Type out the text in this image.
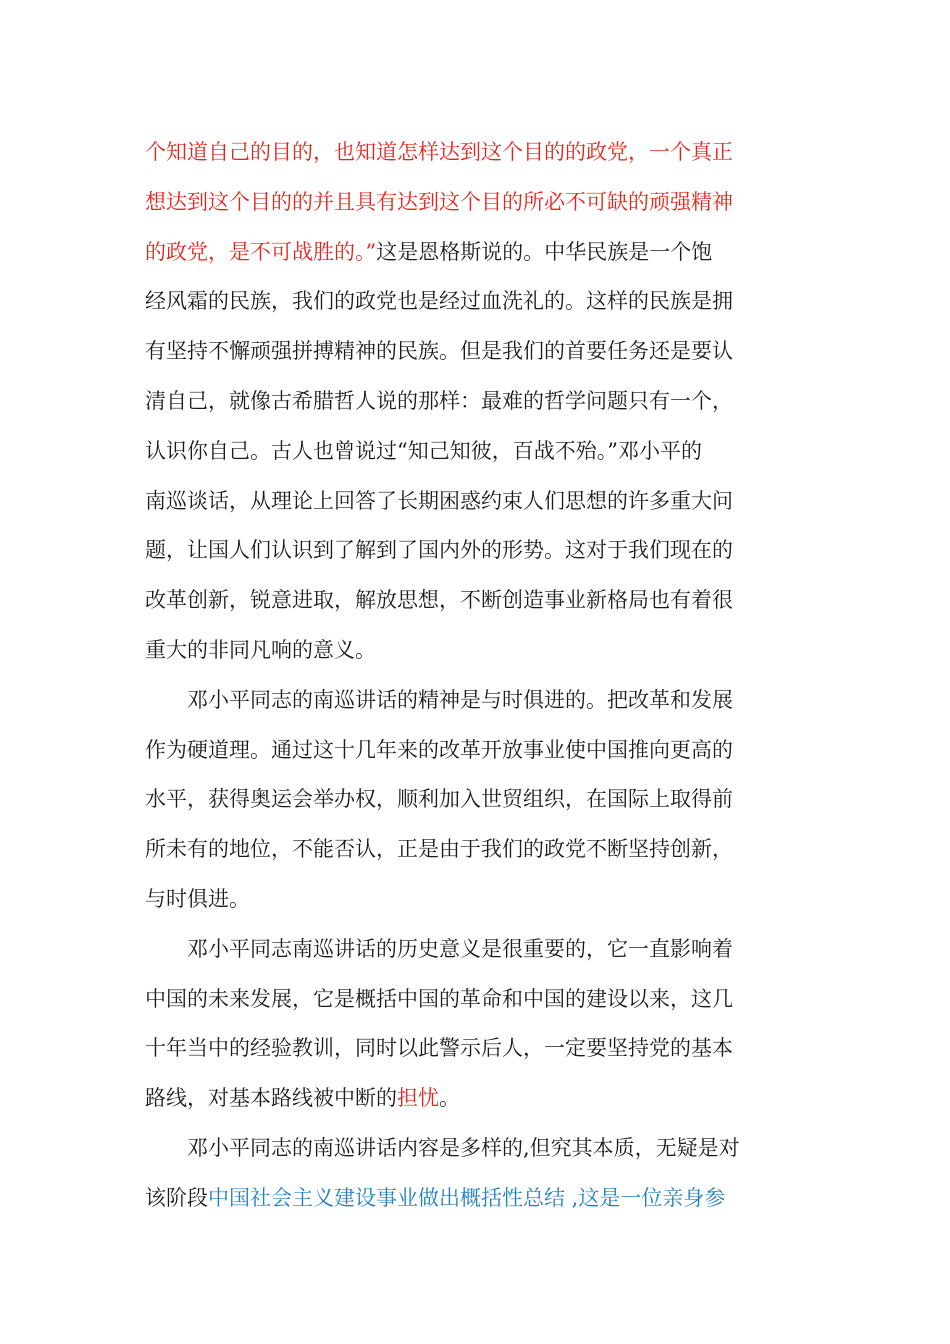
个知道自己的目的，也知道怎样达到这个目的的政党，一个真正
想达到这个目的的并且具有达到这个目的所必不可缺的顽强精神
的政党，是不可战胜的。”这是恩格斯说的。中华民族是一个饱
经风霜的民族，我们的政党也是经过血洗礼的。这样的民族是拥
有坚持不懈顽强拼搏精神的民族。但是我们的首要任务还是要认
清自己，就像古希腊哲人说的那样：最难的哲学问题只有一个，
认识你自己。古人也曾说过“知己知彼，百战不殆。”邓小平的
南巡谈话，从理论上回答了长期困惑约束人们思想的许多重大问
题，让国人们认识到了解到了国内外的形势。这对于我们现在的
改革创新，锐意进取，解放思想，不断创造事业新格局也有着很
重大的非同凡响的意义。
　　邓小平同志的南巡讲话的精神是与时俱进的。把改革和发展
作为硬道理。通过这十几年来的改革开放事业使中国推向更高的
水平，获得奥运会举办权，顺利加入世贸组织，在国际上取得前
所未有的地位，不能否认，正是由于我们的政党不断坚持创新，
与时俱进。
　　邓小平同志南巡讲话的历史意义是很重要的，它一直影响着
中国的未来发展，它是概括中国的革命和中国的建设以来，这几
十年当中的经验教训，同时以此警示后人，一定要坚持党的基本
路线，对基本路线被中断的担忧。
　　邓小平同志的南巡讲话内容是多样的,但究其本质，无疑是对
该阶段中国社会主义建设事业做出概括性总结 ,这是一位亲身参
